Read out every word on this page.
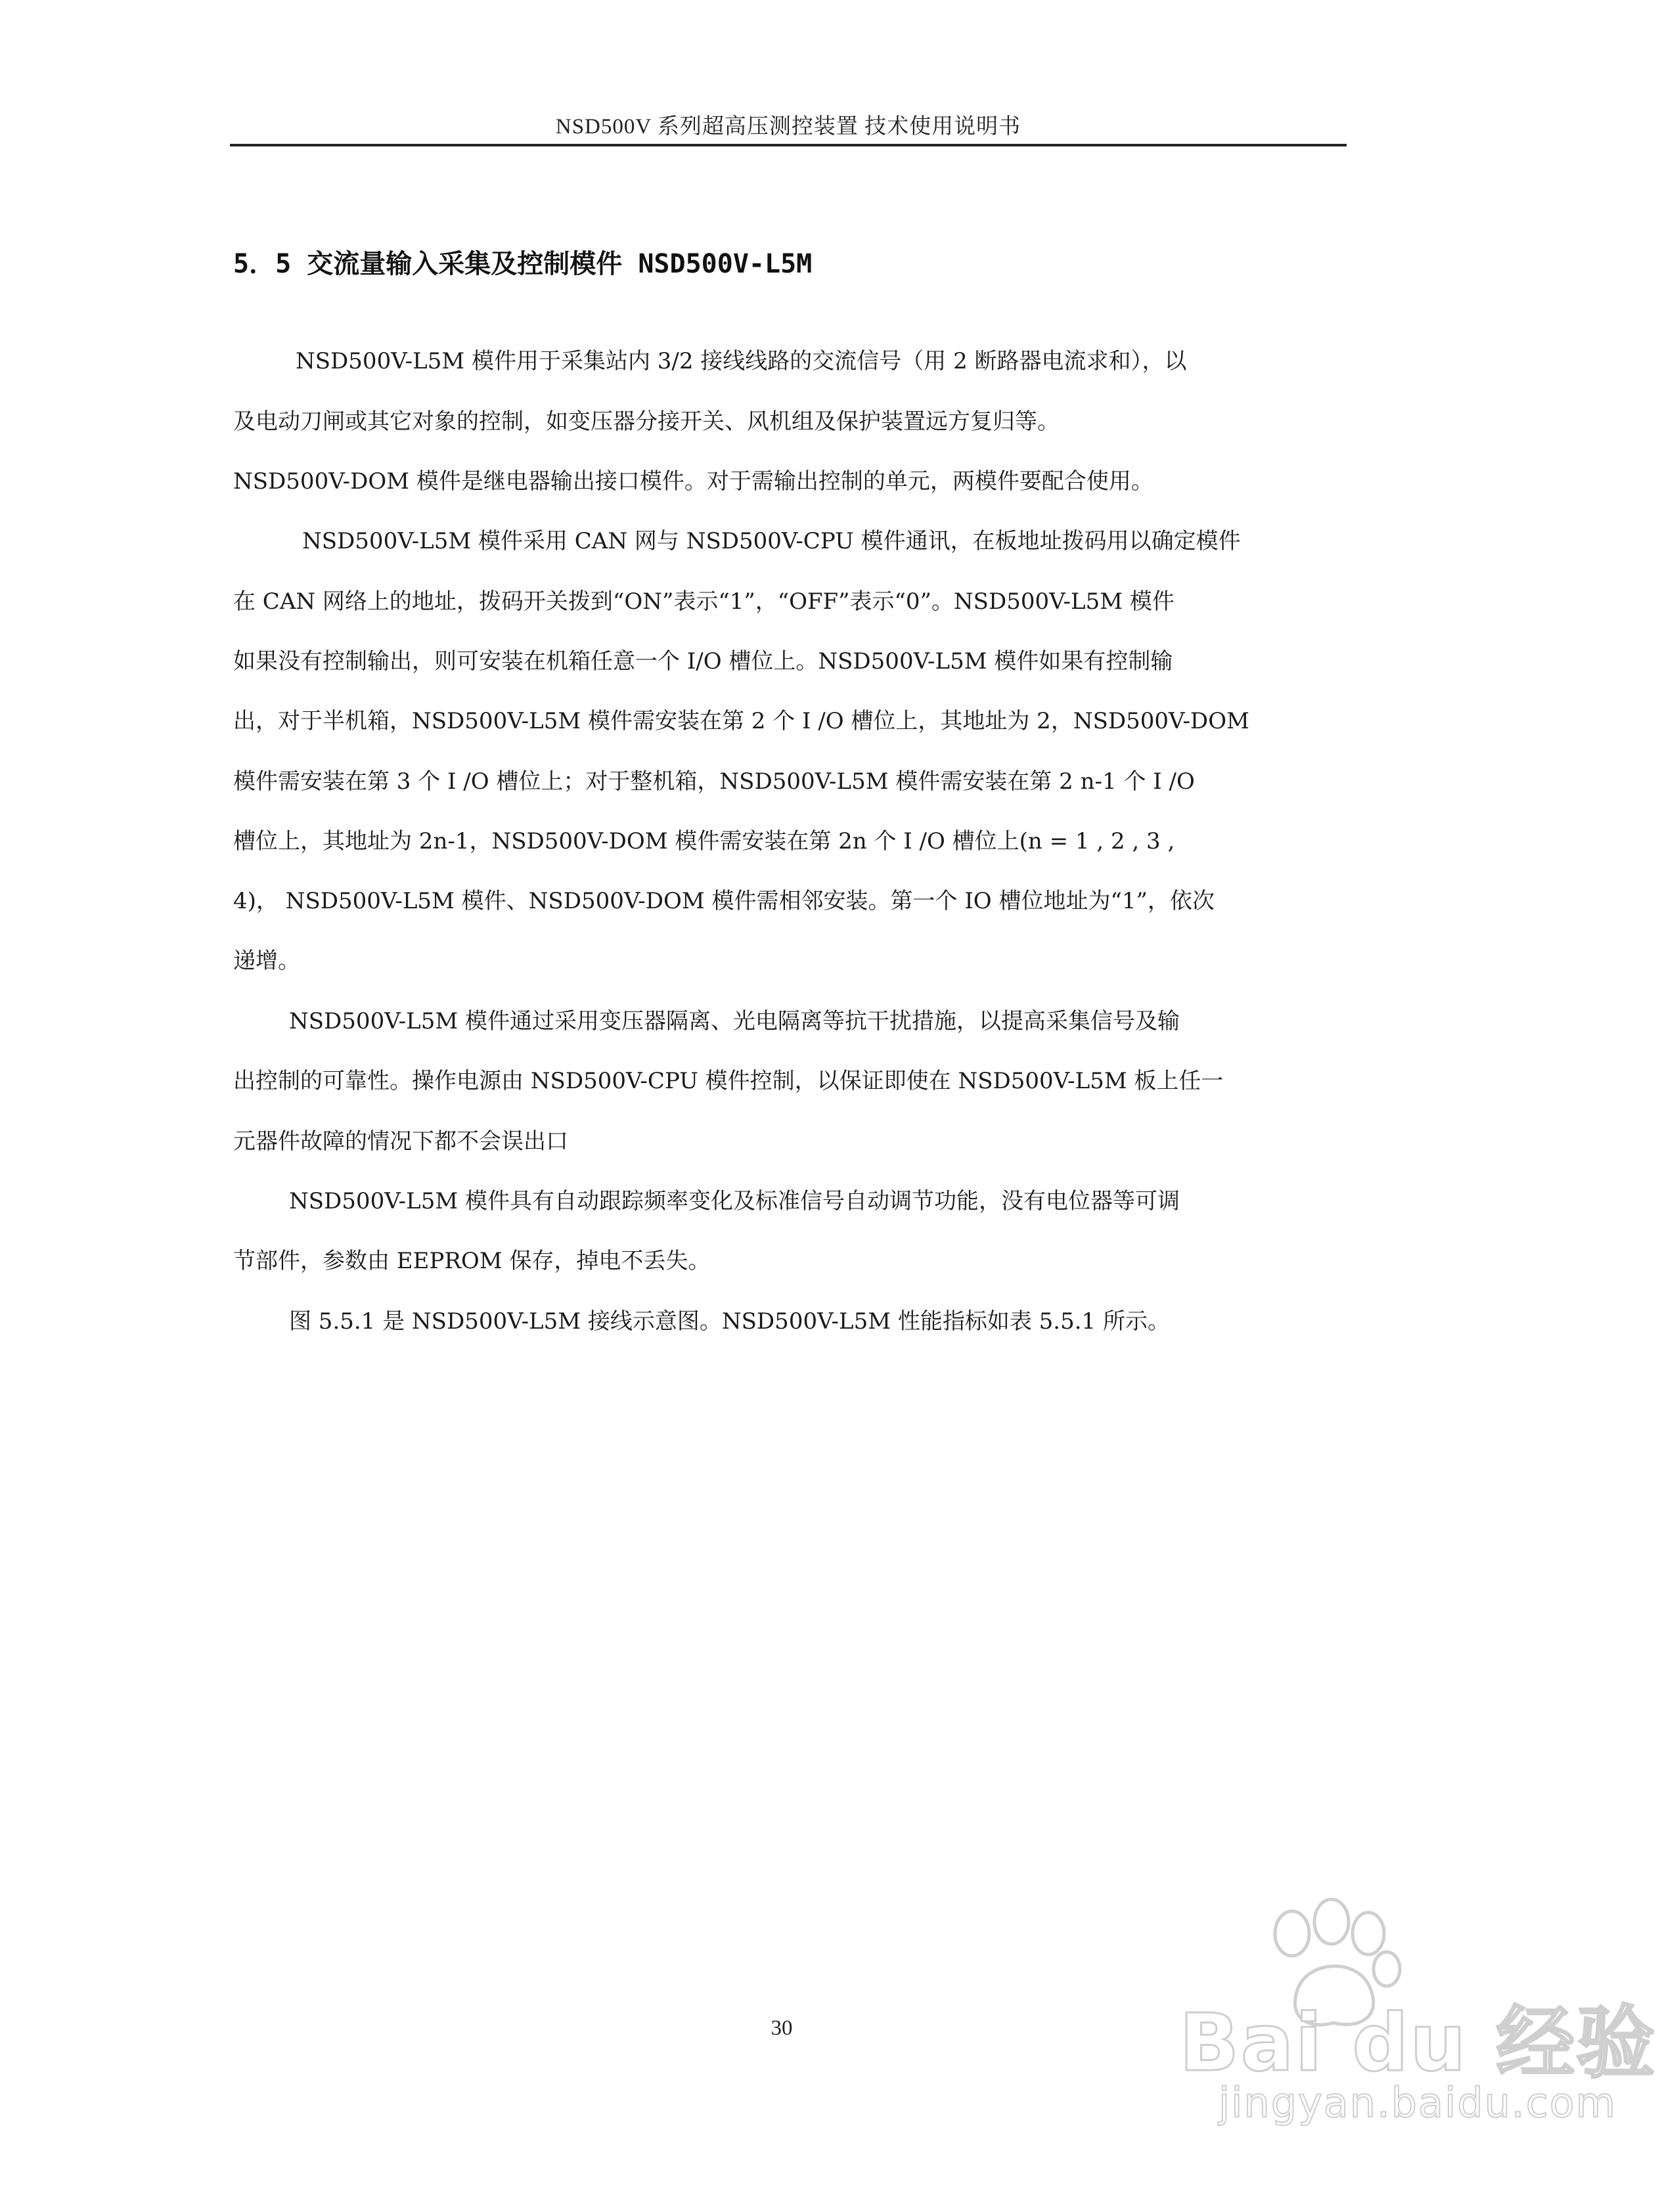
NSD500V 系列超高压测控装置 技术使用说明书
5．5 交流量输入采集及控制模件 NSD500V-L5M
NSD500V-L5M 模件用于采集站内 3/2 接线线路的交流信号（用 2 断路器电流求和），以
及电动刀闸或其它对象的控制，如变压器分接开关、风机组及保护装置远方复归等。
NSD500V-DOM 模件是继电器输出接口模件。对于需输出控制的单元，两模件要配合使用。
NSD500V-L5M 模件采用 CAN 网与 NSD500V-CPU 模件通讯，在板地址拨码用以确定模件
在 CAN 网络上的地址，拨码开关拨到“ON”表示“1”，“OFF”表示“0”。NSD500V-L5M 模件
如果没有控制输出，则可安装在机箱任意一个 I/O 槽位上。NSD500V-L5M 模件如果有控制输
出，对于半机箱，NSD500V-L5M 模件需安装在第 2 个 I /O 槽位上，其地址为 2，NSD500V-DOM
模件需安装在第 3 个 I /O 槽位上；对于整机箱，NSD500V-L5M 模件需安装在第 2 n-1 个 I /O
槽位上，其地址为 2n-1，NSD500V-DOM 模件需安装在第 2n 个 I /O 槽位上(n = 1 , 2 , 3 ,
4)， NSD500V-L5M 模件、NSD500V-DOM 模件需相邻安装。第一个 IO 槽位地址为“1”，依次
递增。
NSD500V-L5M 模件通过采用变压器隔离、光电隔离等抗干扰措施，以提高采集信号及输
出控制的可靠性。操作电源由 NSD500V-CPU 模件控制，以保证即使在 NSD500V-L5M 板上任一
元器件故障的情况下都不会误出口
NSD500V-L5M 模件具有自动跟踪频率变化及标准信号自动调节功能，没有电位器等可调
节部件，参数由 EEPROM 保存，掉电不丢失。
图 5.5.1 是 NSD500V-L5M 接线示意图。NSD500V-L5M 性能指标如表 5.5.1 所示。
30	Bai du 经验
jingyan.baidu.com
